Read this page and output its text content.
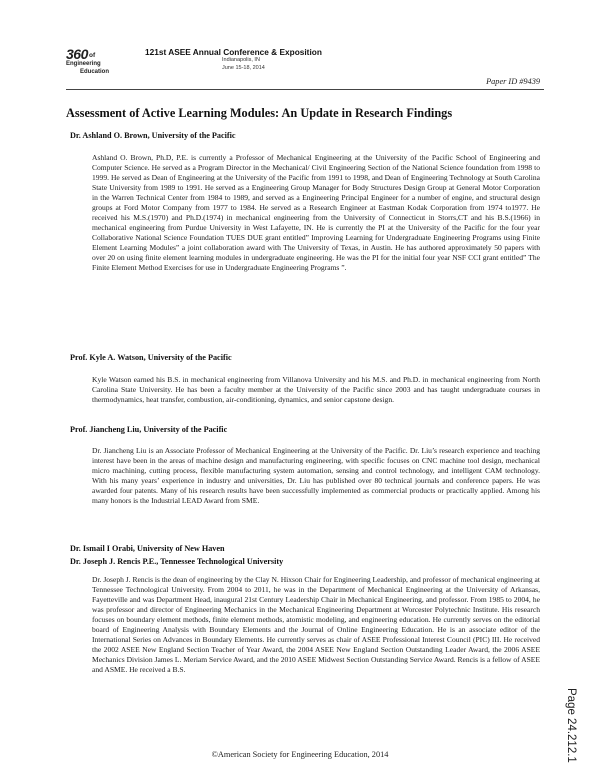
360 of
Engineering
Education
121st ASEE Annual Conference & Exposition
Indianapolis, IN
June 15-18, 2014
Paper ID #9439
Assessment of Active Learning Modules: An Update in Research Findings
Dr. Ashland O. Brown, University of the Pacific

Ashland O. Brown, Ph.D, P.E. is currently a Professor of Mechanical Engineering at the University of the Pacific School of Engineering and Computer Science. He served as a Program Director in the Mechanical/ Civil Engineering Section of the National Science foundation from 1998 to 1999. He served as Dean of Engineering at the University of the Pacific from 1991 to 1998, and Dean of Engineering Technology at South Carolina State University from 1989 to 1991. He served as a Engineering Group Manager for Body Structures Design Group at General Motor Corporation in the Warren Technical Center from 1984 to 1989, and served as a Engineering Principal Engineer for a number of engine, and structural design groups at Ford Motor Company from 1977 to 1984. He served as a Research Engineer at Eastman Kodak Corporation from 1974 to1977. He received his M.S.(1970) and Ph.D.(1974) in mechanical engineering from the University of Connecticut in Storrs,CT and his B.S.(1966) in mechanical engineering from Purdue University in West Lafayette, IN. He is currently the PI at the University of the Pacific for the four year Collaborative National Science Foundation TUES DUE grant entitled” Improving Learning for Undergraduate Engineering Programs using Finite Element Learning Modules” a joint collaboration award with The University of Texas, in Austin. He has authored approximately 50 papers with over 20 on using finite element learning modules in undergraduate engineering. He was the PI for the initial four year NSF CCI grant entitled” The Finite Element Method Exercises for use in Undergraduate Engineering Programs ”.

Prof. Kyle A. Watson, University of the Pacific

Kyle Watson earned his B.S. in mechanical engineering from Villanova University and his M.S. and Ph.D. in mechanical engineering from North Carolina State University. He has been a faculty member at the University of the Pacific since 2003 and has taught undergraduate courses in thermodynamics, heat transfer, combustion, air-conditioning, dynamics, and senior capstone design.

Prof. Jiancheng Liu, University of the Pacific

Dr. Jiancheng Liu is an Associate Professor of Mechanical Engineering at the University of the Pacific. Dr. Liu’s research experience and teaching interest have been in the areas of machine design and manufacturing engineering, with specific focuses on CNC machine tool design, mechanical micro machining, cutting process, flexible manufacturing system automation, sensing and control technology, and intelligent CAM technology. With his many years’ experience in industry and universities, Dr. Liu has published over 80 technical journals and conference papers. He was awarded four patents. Many of his research results have been successfully implemented as commercial products or practically applied. Among his many honors is the Industrial LEAD Award from SME.

Dr. Ismail I Orabi, University of New Haven
Dr. Joseph J. Rencis P.E., Tennessee Technological University

Dr. Joseph J. Rencis is the dean of engineering by the Clay N. Hixson Chair for Engineering Leadership, and professor of mechanical engineering at Tennessee Technological University. From 2004 to 2011, he was in the Department of Mechanical Engineering at the University of Arkansas, Fayetteville and was Department Head, inaugural 21st Century Leadership Chair in Mechanical Engineering, and professor. From 1985 to 2004, he was professor and director of Engineering Mechanics in the Mechanical Engineering Department at Worcester Polytechnic Institute. His research focuses on boundary element methods, finite element methods, atomistic modeling, and engineering education. He currently serves on the editorial board of Engineering Analysis with Boundary Elements and the Journal of Online Engineering Education. He is an associate editor of the International Series on Advances in Boundary Elements. He currently serves as chair of ASEE Professional Interest Council (PIC) III. He received the 2002 ASEE New England Section Teacher of Year Award, the 2004 ASEE New England Section Outstanding Leader Award, the 2006 ASEE Mechanics Division James L. Meriam Service Award, and the 2010 ASEE Midwest Section Outstanding Service Award. Rencis is a fellow of ASEE and ASME. He received a B.S.

©American Society for Engineering Education, 2014	Page 24.212.1
